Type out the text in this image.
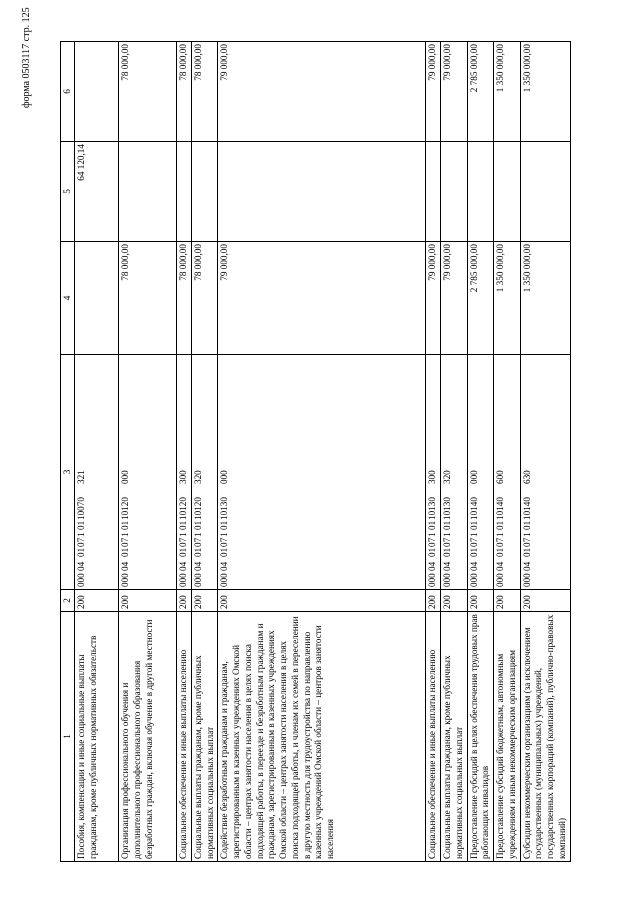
форма 0503117 стр. 125
1	2	3	4	5	6
Пособия, компенсации и иные социальные выплаты гражданам, кроме публичных нормативных обязательств	200	00004010710110070321		64 120,14	
Организация профессионального обучения и дополнительного профессионального образования безработных граждан, включая обучение в другой местности	200	00004010710110120000	78 000,00		78 000,00
Социальное обеспечение и иные выплаты населению	200	00004010710110120300	78 000,00		78 000,00
Социальные выплаты гражданам, кроме публичных нормативных социальных выплат	200	00004010710110120320	78 000,00		78 000,00
Содействие безработным гражданам и гражданам, зарегистрированным в казенных учреждениях Омской области – центрах занятости населения в целях поиска подходящей работы, в переезде и безработным гражданам и гражданам, зарегистрированным в казенных учреждениях Омской области – центрах занятости населения в целях поиска подходящей работы, и членам их семей в переселении в другую местность для трудоустройства по направлению казенных учреждений Омской области – центров занятости населения	200	00004010710110130000	79 000,00		79 000,00
Социальное обеспечение и иные выплаты населению	200	00004010710110130300	79 000,00		79 000,00
Социальные выплаты гражданам, кроме публичных нормативных социальных выплат	200	00004010710110130320	79 000,00		79 000,00
Предоставление субсидий в целях обеспечения трудовых прав работающих инвалидов	200	00004010710110140000	2 785 000,00		2 785 000,00
Предоставление субсидий бюджетным, автономным учреждениям и иным некоммерческим организациям	200	00004010710110140600	1 350 000,00		1 350 000,00
Субсидии некоммерческим организациям (за исключением государственных (муниципальных) учреждений, государственных корпораций (компаний), публично-правовых компаний)	200	00004010710110140630	1 350 000,00		1 350 000,00
